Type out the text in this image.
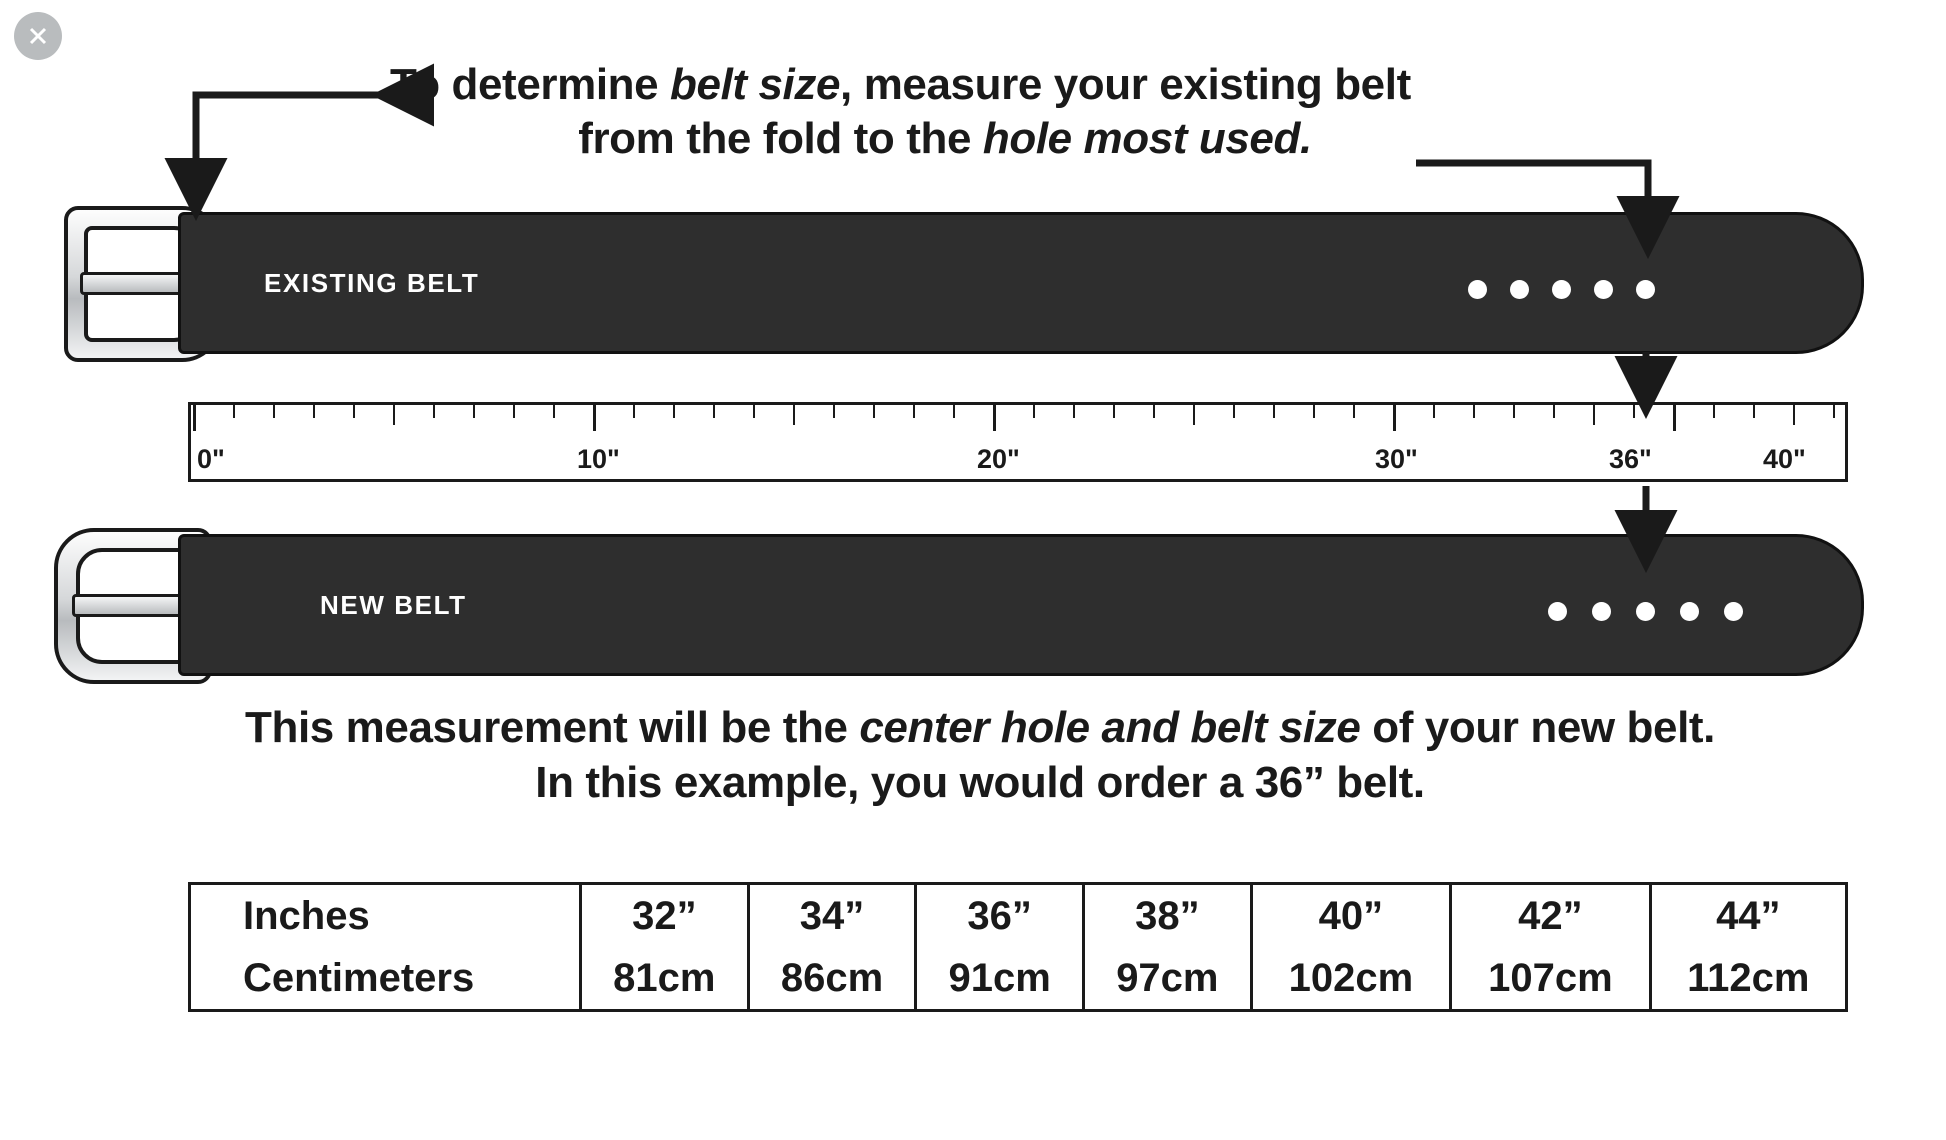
To determine belt size, measure your existing belt
from the fold to the hole most used.
EXISTING BELT
0"	10"	20"	30"	36"	40"
NEW BELT
This measurement will be the center hole and belt size of your new belt.
In this example, you would order a 36” belt.
Inches	32”	34”	36”	38”	40”	42”	44”
Centimeters	81cm	86cm	91cm	97cm	102cm	107cm	112cm
